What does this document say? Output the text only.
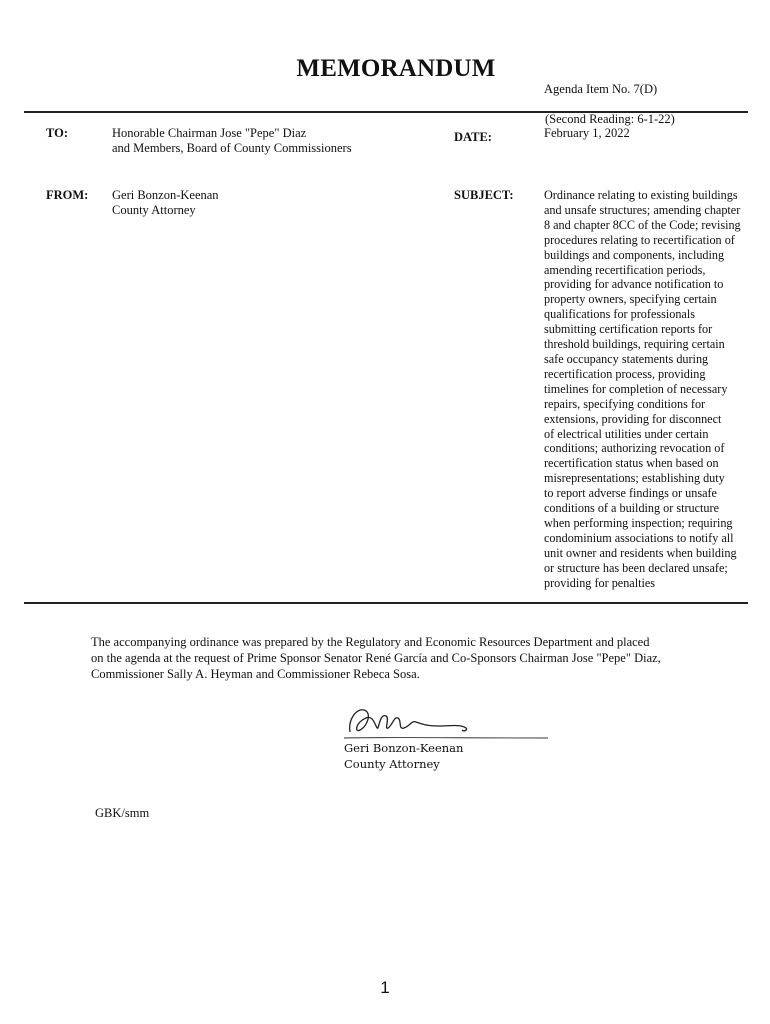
MEMORANDUM
Agenda Item No. 7(D)
(Second Reading: 6-1-22)
TO:	Honorable Chairman Jose "Pepe" Diaz
and Members, Board of County Commissioners
DATE:	February 1, 2022
FROM: Geri Bonzon-Keenan
County Attorney
SUBJECT: Ordinance relating to existing buildings
and unsafe structures; amending chapter
8 and chapter 8CC of the Code; revising
procedures relating to recertification of
buildings and components, including
amending recertification periods,
providing for advance notification to
property owners, specifying certain
qualifications for professionals
submitting certification reports for
threshold buildings, requiring certain
safe occupancy statements during
recertification process, providing
timelines for completion of necessary
repairs, specifying conditions for
extensions, providing for disconnect
of electrical utilities under certain
conditions; authorizing revocation of
recertification status when based on
misrepresentations; establishing duty
to report adverse findings or unsafe
conditions of a building or structure
when performing inspection; requiring
condominium associations to notify all
unit owner and residents when building
or structure has been declared unsafe;
providing for penalties
The accompanying ordinance was prepared by the Regulatory and Economic Resources Department and placed
on the agenda at the request of Prime Sponsor Senator René García and Co-Sponsors Chairman Jose "Pepe" Diaz,
Commissioner Sally A. Heyman and Commissioner Rebeca Sosa.
Geri Bonzon-Keenan
County Attorney
GBK/smm
1
